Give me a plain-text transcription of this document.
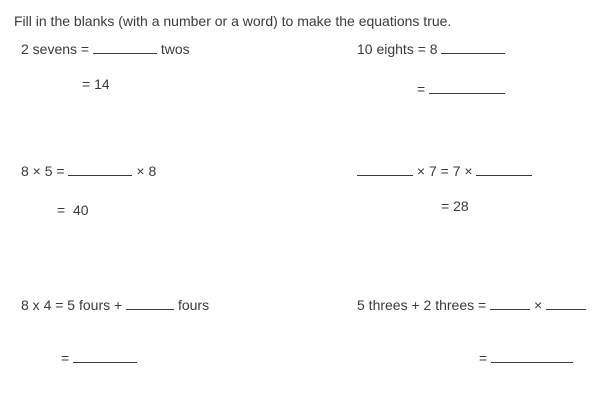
Fill in the blanks (with a number or a word) to make the equations true.
2 sevens =	twos
= 14
10 eights = 8
=
8 × 5 =	× 8
=  40
× 7 = 7 ×
= 28
8 x 4 = 5 fours +	fours
=
5 threes + 2 threes =	×
=
